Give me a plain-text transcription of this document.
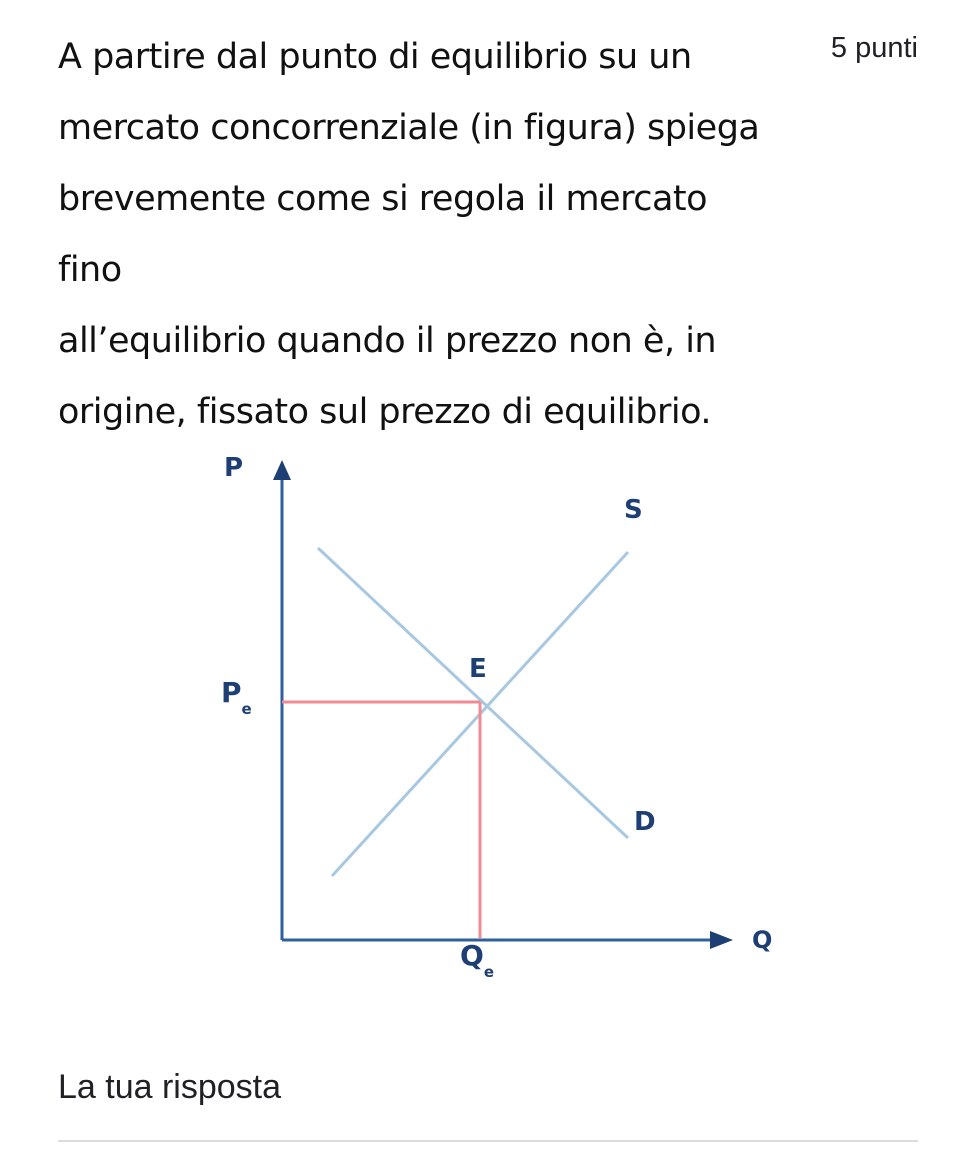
A partire dal punto di equilibrio su un
mercato concorrenziale (in figura) spiega
brevemente come si regola il mercato fino
all’equilibrio quando il prezzo non è, in
origine, fissato sul prezzo di equilibrio.
5 punti
P
Q
S
D
E
$P_e$
$Q_e$
La tua risposta
